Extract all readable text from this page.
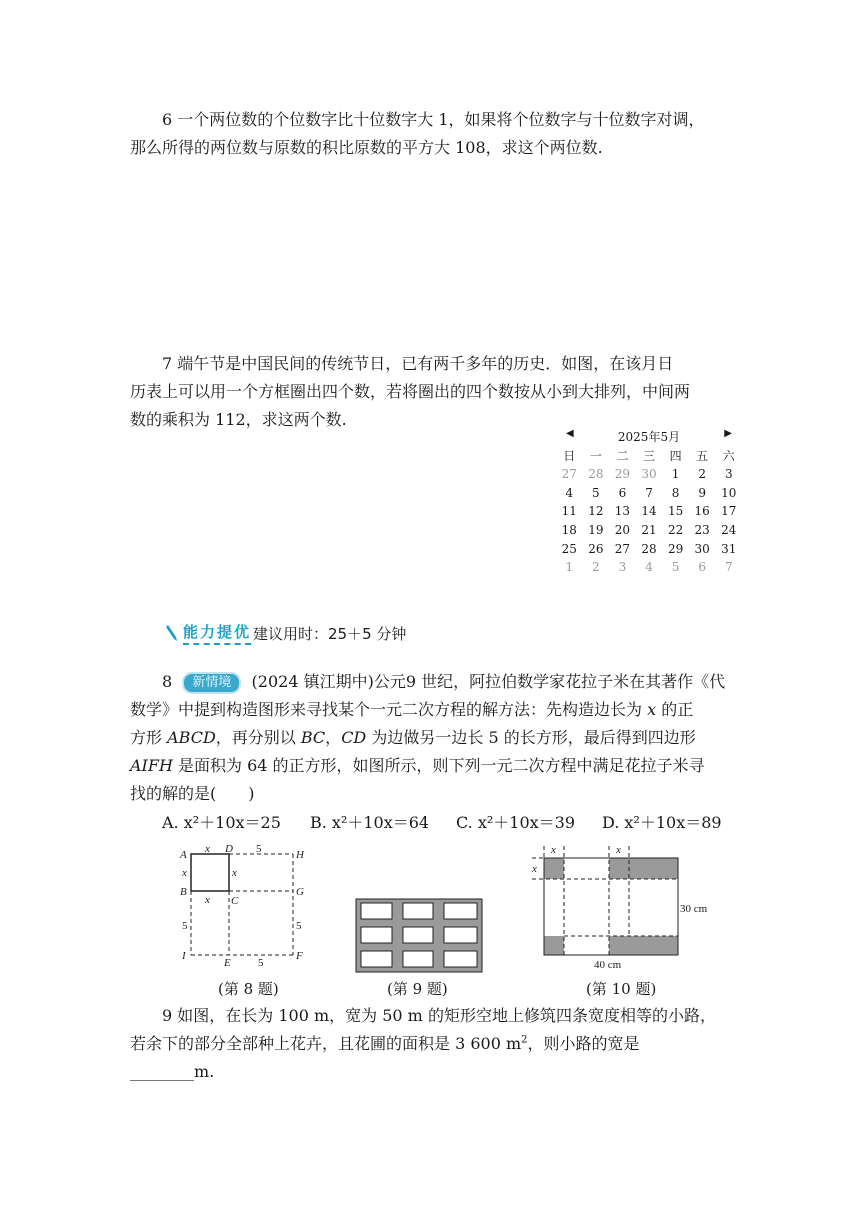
6 一个两位数的个位数字比十位数字大 1，如果将个位数字与十位数字对调，
那么所得的两位数与原数的积比原数的平方大 108，求这个两位数.
7 端午节是中国民间的传统节日，已有两千多年的历史．如图，在该月日
历表上可以用一个方框圈出四个数，若将圈出的四个数按从小到大排列，中间两
数的乘积为 112，求这两个数.
◀	2025年5月	▶
日	一	二	三	四	五	六
27 28 29 30	1	2	3
4	5	6	7	8	9	10
11 12 13 14 15 16 17
18 19 20 21 22 23 24
25 26 27 28 29 30 31
1	2	3	4	5	6	7
能力提优 建议用时：25＋5 分钟
8 新情境 (2024 镇江期中)公元9 世纪，阿拉伯数学家花拉子米在其著作《代
数学》中提到构造图形来寻找某个一元二次方程的解方法：先构造边长为 x 的正
方形 ABCD，再分别以 BC，CD 为边做另一边长 5 的长方形，最后得到四边形
AIFH 是面积为 64 的正方形，如图所示，则下列一元二次方程中满足花拉子米寻
找的解的是(　　)
A. x²＋10x＝25 B. x²＋10x＝64 C. x²＋10x＝39 D. x²＋10x＝89
A x D 5	H
x	x
B	G
x C
5	5
I
E 5
F
(第 8 题)	(第 9 题)
x	x
x
30 cm
40 cm
(第 10 题)
9 如图，在长为 100 m，宽为 50 m 的矩形空地上修筑四条宽度相等的小路，
若余下的部分全部种上花卉，且花圃的面积是 3 600 $m^2$，则小路的宽是
________m.
